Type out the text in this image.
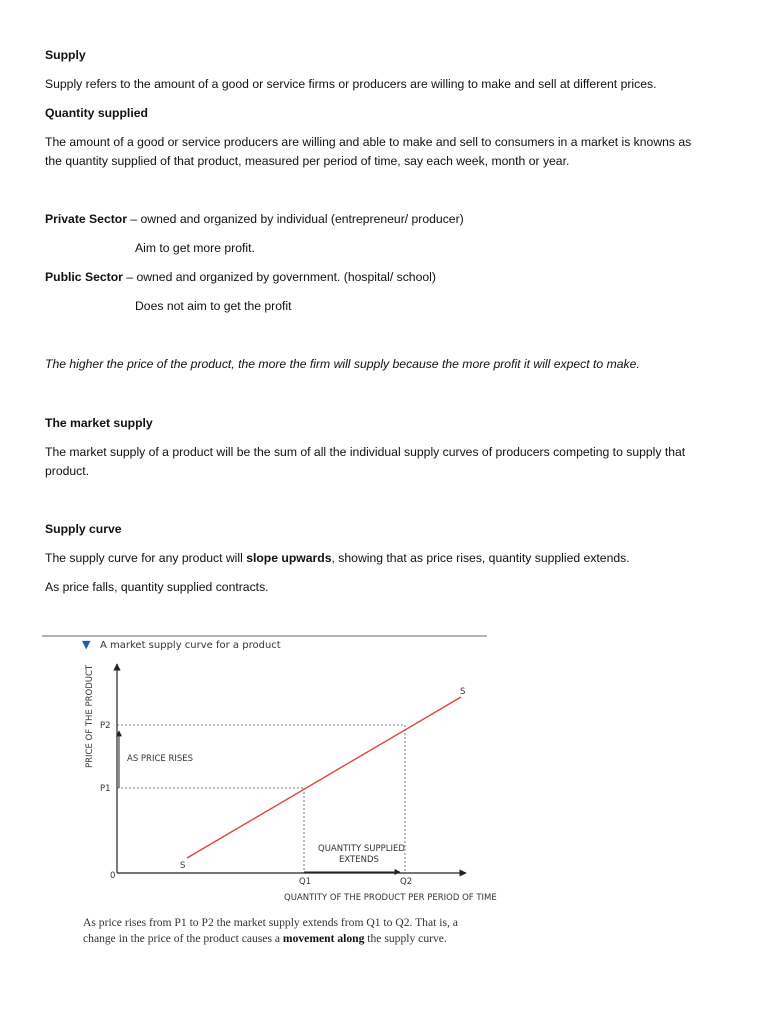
Supply

Supply refers to the amount of a good or service firms or producers are willing to make and sell at different prices.

Quantity supplied

The amount of a good or service producers are willing and able to make and sell to consumers in a market is knowns as

the quantity supplied of that product, measured per period of time, say each week, month or year.

Private Sector – owned and organized by individual (entrepreneur/ producer)

Aim to get more profit.

Public Sector – owned and organized by government. (hospital/ school)

Does not aim to get the profit

The higher the price of the product, the more the firm will supply because the more profit it will expect to make.

The market supply

The market supply of a product will be the sum of all the individual supply curves of producers competing to supply that

product.

Supply curve

The supply curve for any product will slope upwards, showing that as price rises, quantity supplied extends.

As price falls, quantity supplied contracts.

▼ A market supply curve for a product
PRICE OF THE PRODUCT
0
QUANTITY OF THE PRODUCT PER PERIOD OF TIME
P2
P1
Q1	Q2
AS PRICE RISES
QUANTITY SUPPLIED
EXTENDS
S
S

As price rises from P1 to P2 the market supply extends from Q1 to Q2. That is, a

change in the price of the product causes a movement along the supply curve.
